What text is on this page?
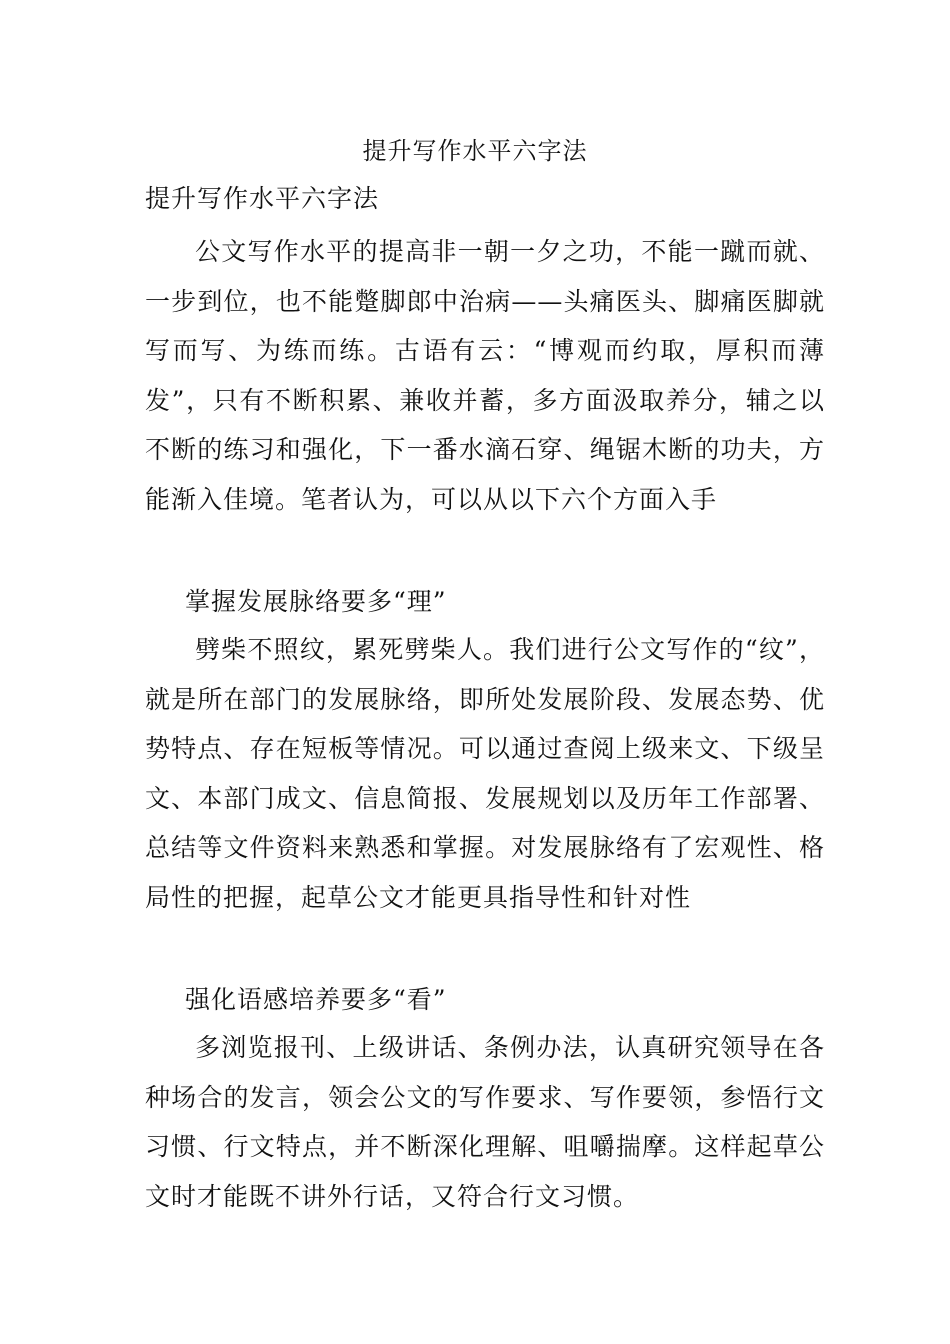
提升写作水平六字法

提升写作水平六字法

公文写作水平的提高非一朝一夕之功，不能一蹴而就、一步到位，也不能蹩脚郎中治病——头痛医头、脚痛医脚就写而写、为练而练。古语有云：“博观而约取，厚积而薄发”，只有不断积累、兼收并蓄，多方面汲取养分，辅之以不断的练习和强化，下一番水滴石穿、绳锯木断的功夫，方能渐入佳境。笔者认为，可以从以下六个方面入手

掌握发展脉络要多“理”

劈柴不照纹，累死劈柴人。我们进行公文写作的“纹”，就是所在部门的发展脉络，即所处发展阶段、发展态势、优势特点、存在短板等情况。可以通过查阅上级来文、下级呈文、本部门成文、信息简报、发展规划以及历年工作部署、总结等文件资料来熟悉和掌握。对发展脉络有了宏观性、格局性的把握，起草公文才能更具指导性和针对性

强化语感培养要多“看”

多浏览报刊、上级讲话、条例办法，认真研究领导在各种场合的发言，领会公文的写作要求、写作要领，参悟行文习惯、行文特点，并不断深化理解、咀嚼揣摩。这样起草公文时才能既不讲外行话，又符合行文习惯。
